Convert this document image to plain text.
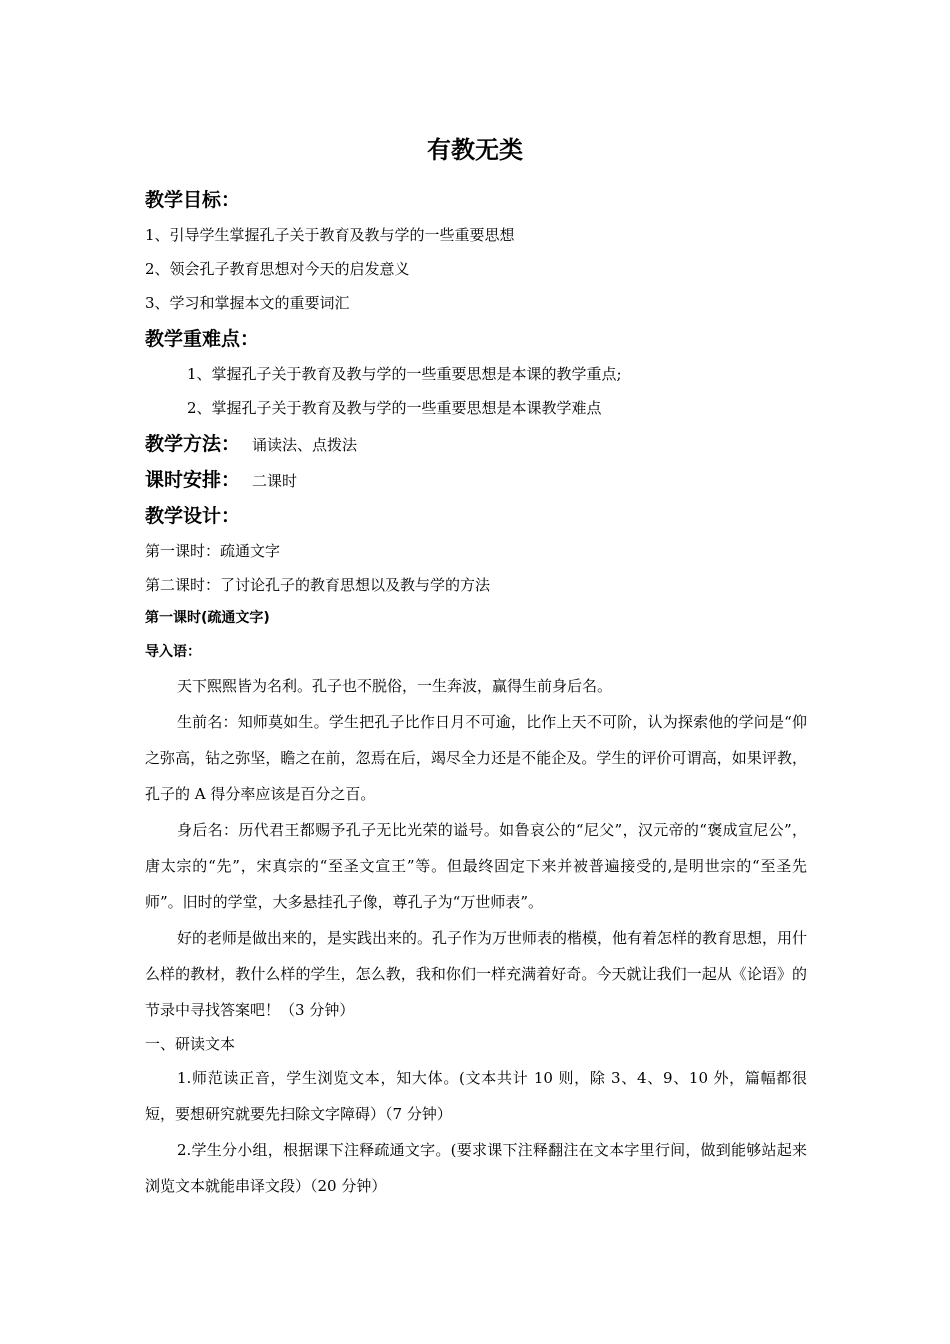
有教无类
教学目标：
1、引导学生掌握孔子关于教育及教与学的一些重要思想
2、领会孔子教育思想对今天的启发意义
3、学习和掌握本文的重要词汇
教学重难点：
1、掌握孔子关于教育及教与学的一些重要思想是本课的教学重点;
2、掌握孔子关于教育及教与学的一些重要思想是本课教学难点
教学方法： 诵读法、点拨法
课时安排： 二课时
教学设计：
第一课时：疏通文字
第二课时：了讨论孔子的教育思想以及教与学的方法
第一课时(疏通文字)
导入语：
天下熙熙皆为名利。孔子也不脱俗，一生奔波，赢得生前身后名。
生前名：知师莫如生。学生把孔子比作日月不可逾，比作上天不可阶，认为探索他的学问是“仰之弥高，钻之弥坚，瞻之在前，忽焉在后，竭尽全力还是不能企及。学生的评价可谓高，如果评教，孔子的 A 得分率应该是百分之百。
身后名：历代君王都赐予孔子无比光荣的谥号。如鲁哀公的“尼父”，汉元帝的“褒成宣尼公”，唐太宗的“先”，宋真宗的“至圣文宣王”等。但最终固定下来并被普遍接受的,是明世宗的“至圣先师”。旧时的学堂，大多悬挂孔子像，尊孔子为“万世师表”。
好的老师是做出来的，是实践出来的。孔子作为万世师表的楷模，他有着怎样的教育思想，用什么样的教材，教什么样的学生，怎么教，我和你们一样充满着好奇。今天就让我们一起从《论语》的节录中寻找答案吧！（3 分钟）
一、研读文本
1.师范读正音，学生浏览文本，知大体。(文本共计 10 则，除 3、4、9、10 外，篇幅都很短，要想研究就要先扫除文字障碍）（7 分钟）
2.学生分小组，根据课下注释疏通文字。(要求课下注释翻注在文本字里行间，做到能够站起来浏览文本就能串译文段）（20 分钟）
